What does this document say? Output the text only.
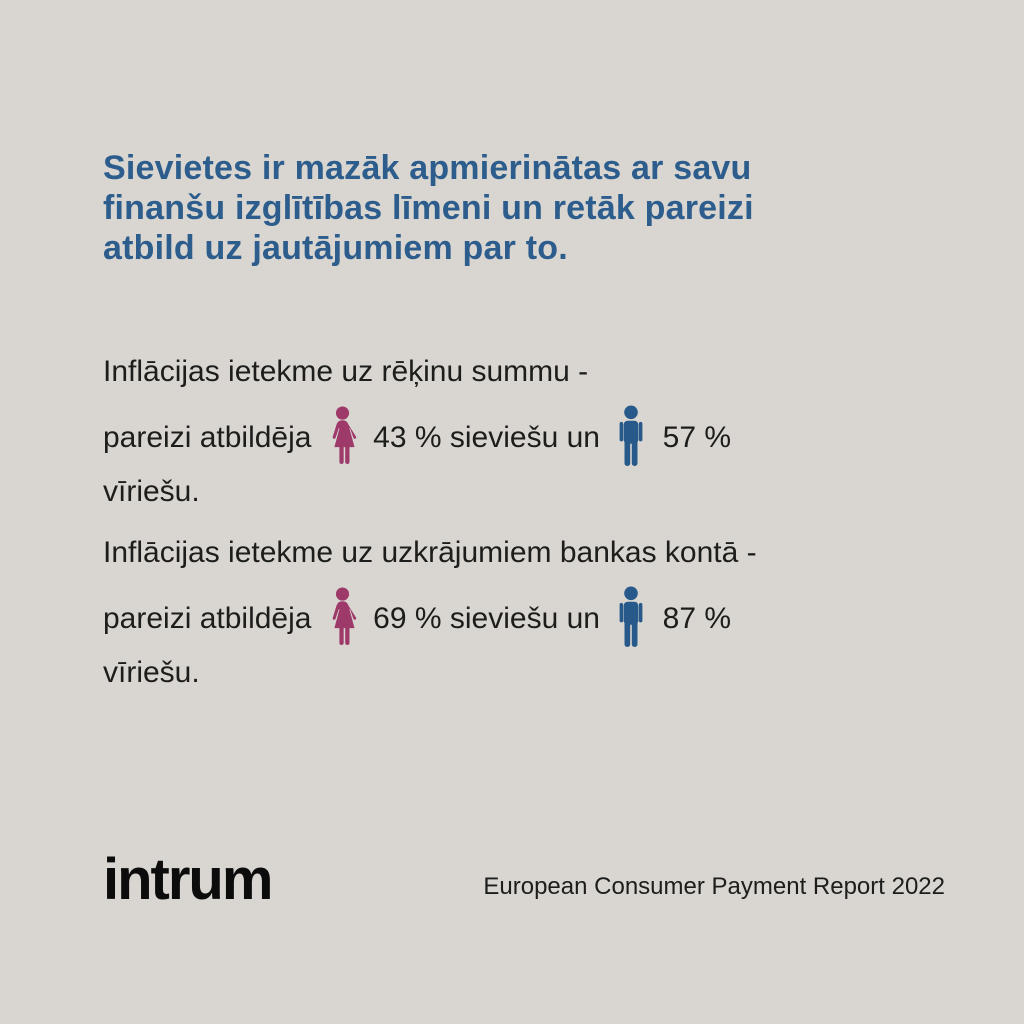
Sievietes ir mazāk apmierinātas ar savu
finanšu izglītības līmeni un retāk pareizi
atbild uz jautājumiem par to.

Inflācijas ietekme uz rēķinu summu -

pareizi atbildēja 43 % sieviešu un 57 %
vīriešu.

Inflācijas ietekme uz uzkrājumiem bankas kontā -

pareizi atbildēja 69 % sieviešu un 87 %
vīriešu.

intrum	European Consumer Payment Report 2022
